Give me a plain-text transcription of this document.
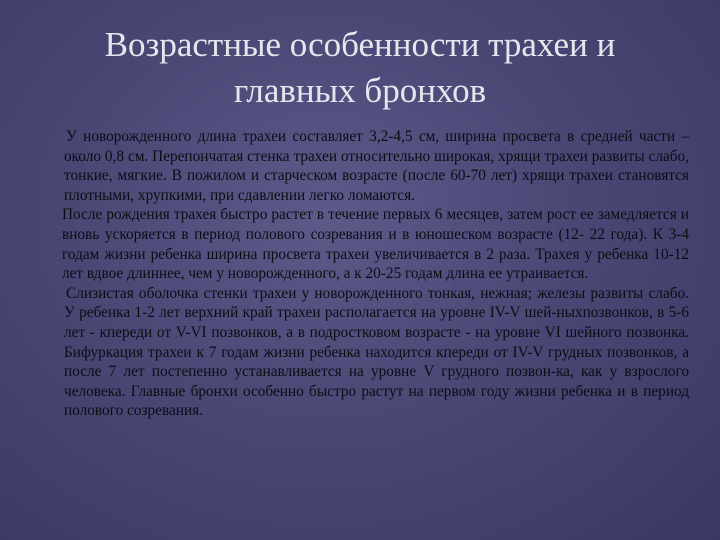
Возрастные особенности трахеи и
главных бронхов

У новорожденного длина трахеи составляет 3,2-4,5 см, ширина просвета в средней части – около 0,8 см. Перепончатая стенка трахеи относительно широкая, хрящи трахеи развиты слабо, тонкие, мягкие. В пожилом и старческом возрасте (после 60-70 лет) хрящи трахеи становятся плотными, хрупкими, при сдавлении легко ломаются.

После рождения трахея быстро растет в течение первых 6 месяцев, затем рост ее замедляется и вновь ускоряется в период полового созревания и в юношеском возрасте (12- 22 года). К 3-4 годам жизни ребенка ширина просвета трахеи увеличивается в 2 раза. Трахея у ребенка 10-12 лет вдвое длиннее, чем у новорожденного, а к 20-25 годам длина ее утраивается.

Слизистая оболочка стенки трахеи у новорожденного тонкая, нежная; железы развиты слабо. У ребенка 1-2 лет верхний край трахеи располагается на уровне IV-V шей-ныхпозвонков, в 5-6 лет - кпереди от V-VI позвонков, а в подростковом возрасте - на уровне VI шейного позвонка. Бифуркация трахеи к 7 годам жизни ребенка находится кпереди от IV-V грудных позвонков, а после 7 лет постепенно устанавливается на уровне V грудного позвон-ка, как у взрослого человека. Главные бронхи особенно быстро растут на первом году жизни ребенка и в период полового созревания.
